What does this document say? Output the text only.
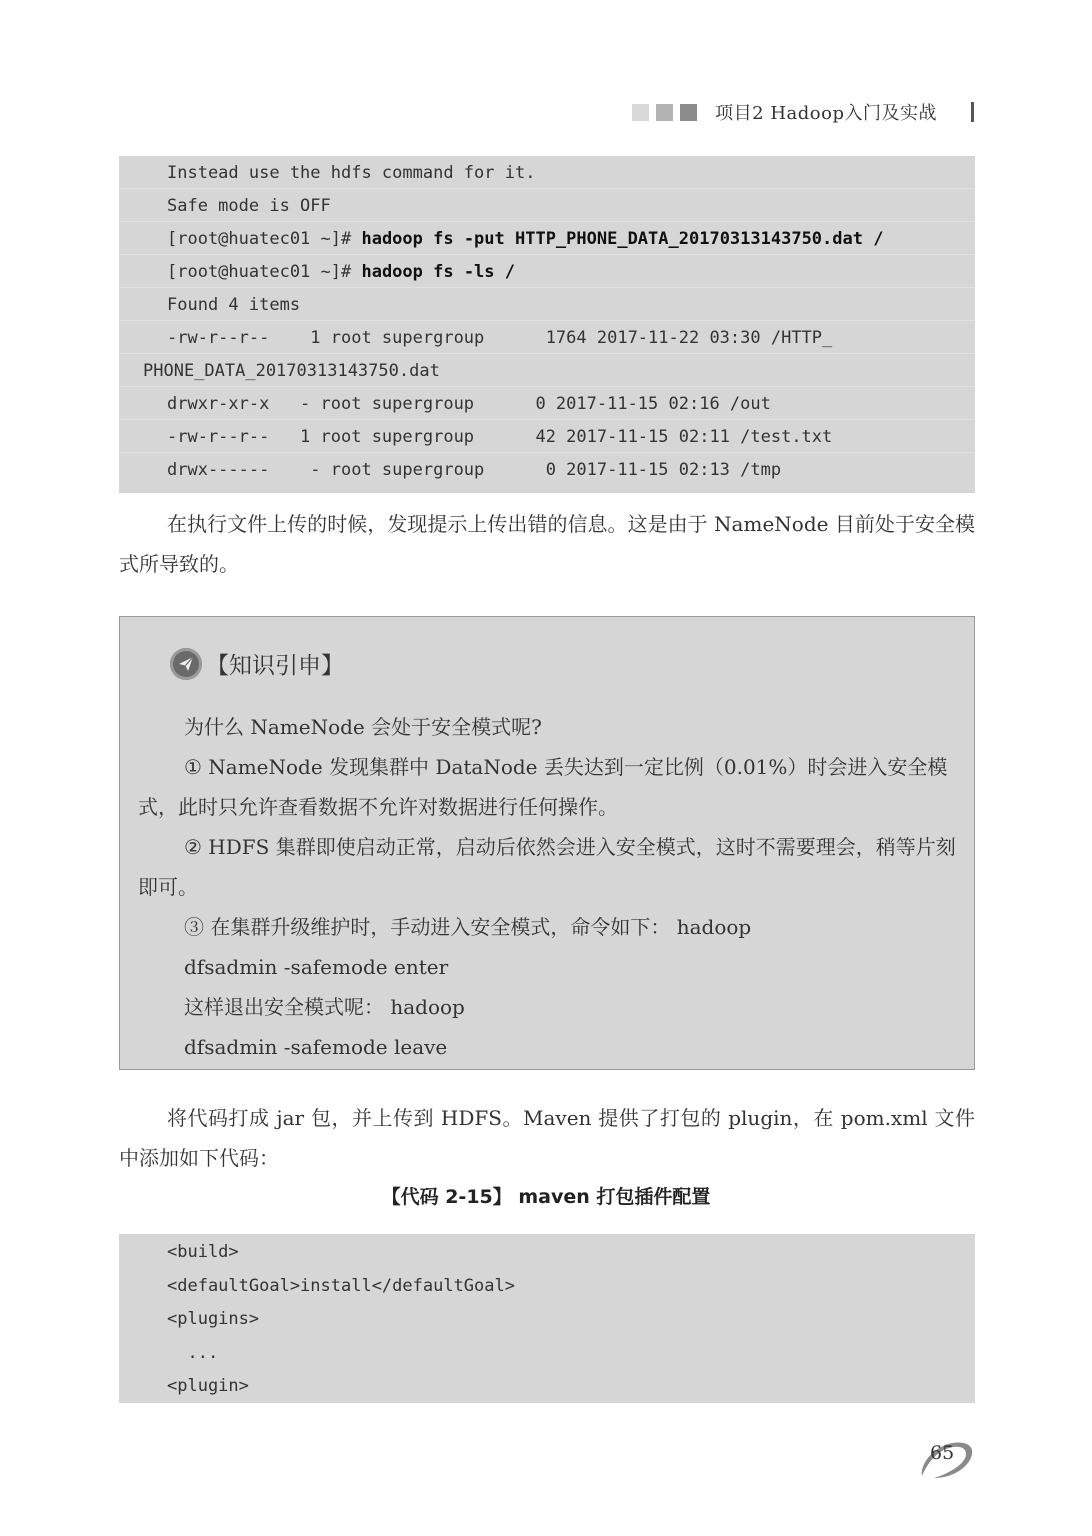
项目2 Hadoop入门及实战
Instead use the hdfs command for it.
Safe mode is OFF
[root@huatec01 ~]# hadoop fs -put HTTP_PHONE_DATA_20170313143750.dat /
[root@huatec01 ~]# hadoop fs -ls /
Found 4 items
-rw-r--r--    1 root supergroup      1764 2017-11-22 03:30 /HTTP_
PHONE_DATA_20170313143750.dat
drwxr-xr-x   - root supergroup      0 2017-11-15 02:16 /out
-rw-r--r--   1 root supergroup      42 2017-11-15 02:11 /test.txt
drwx------    - root supergroup      0 2017-11-15 02:13 /tmp
在执行文件上传的时候，发现提示上传出错的信息。这是由于 NameNode 目前处于安全模式所导致的。
【知识引申】

为什么 NameNode 会处于安全模式呢?

① NameNode 发现集群中 DataNode 丢失达到一定比例（0.01%）时会进入安全模式，此时只允许查看数据不允许对数据进行任何操作。

② HDFS 集群即使启动正常，启动后依然会进入安全模式，这时不需要理会，稍等片刻即可。

③ 在集群升级维护时，手动进入安全模式，命令如下： hadoop

dfsadmin -safemode enter

这样退出安全模式呢： hadoop

dfsadmin -safemode leave

将代码打成 jar 包，并上传到 HDFS。Maven 提供了打包的 plugin，在 pom.xml 文件中添加如下代码：
【代码 2-15】 maven 打包插件配置
<build>
<defaultGoal>install</defaultGoal>
<plugins>
...
<plugin>
65
